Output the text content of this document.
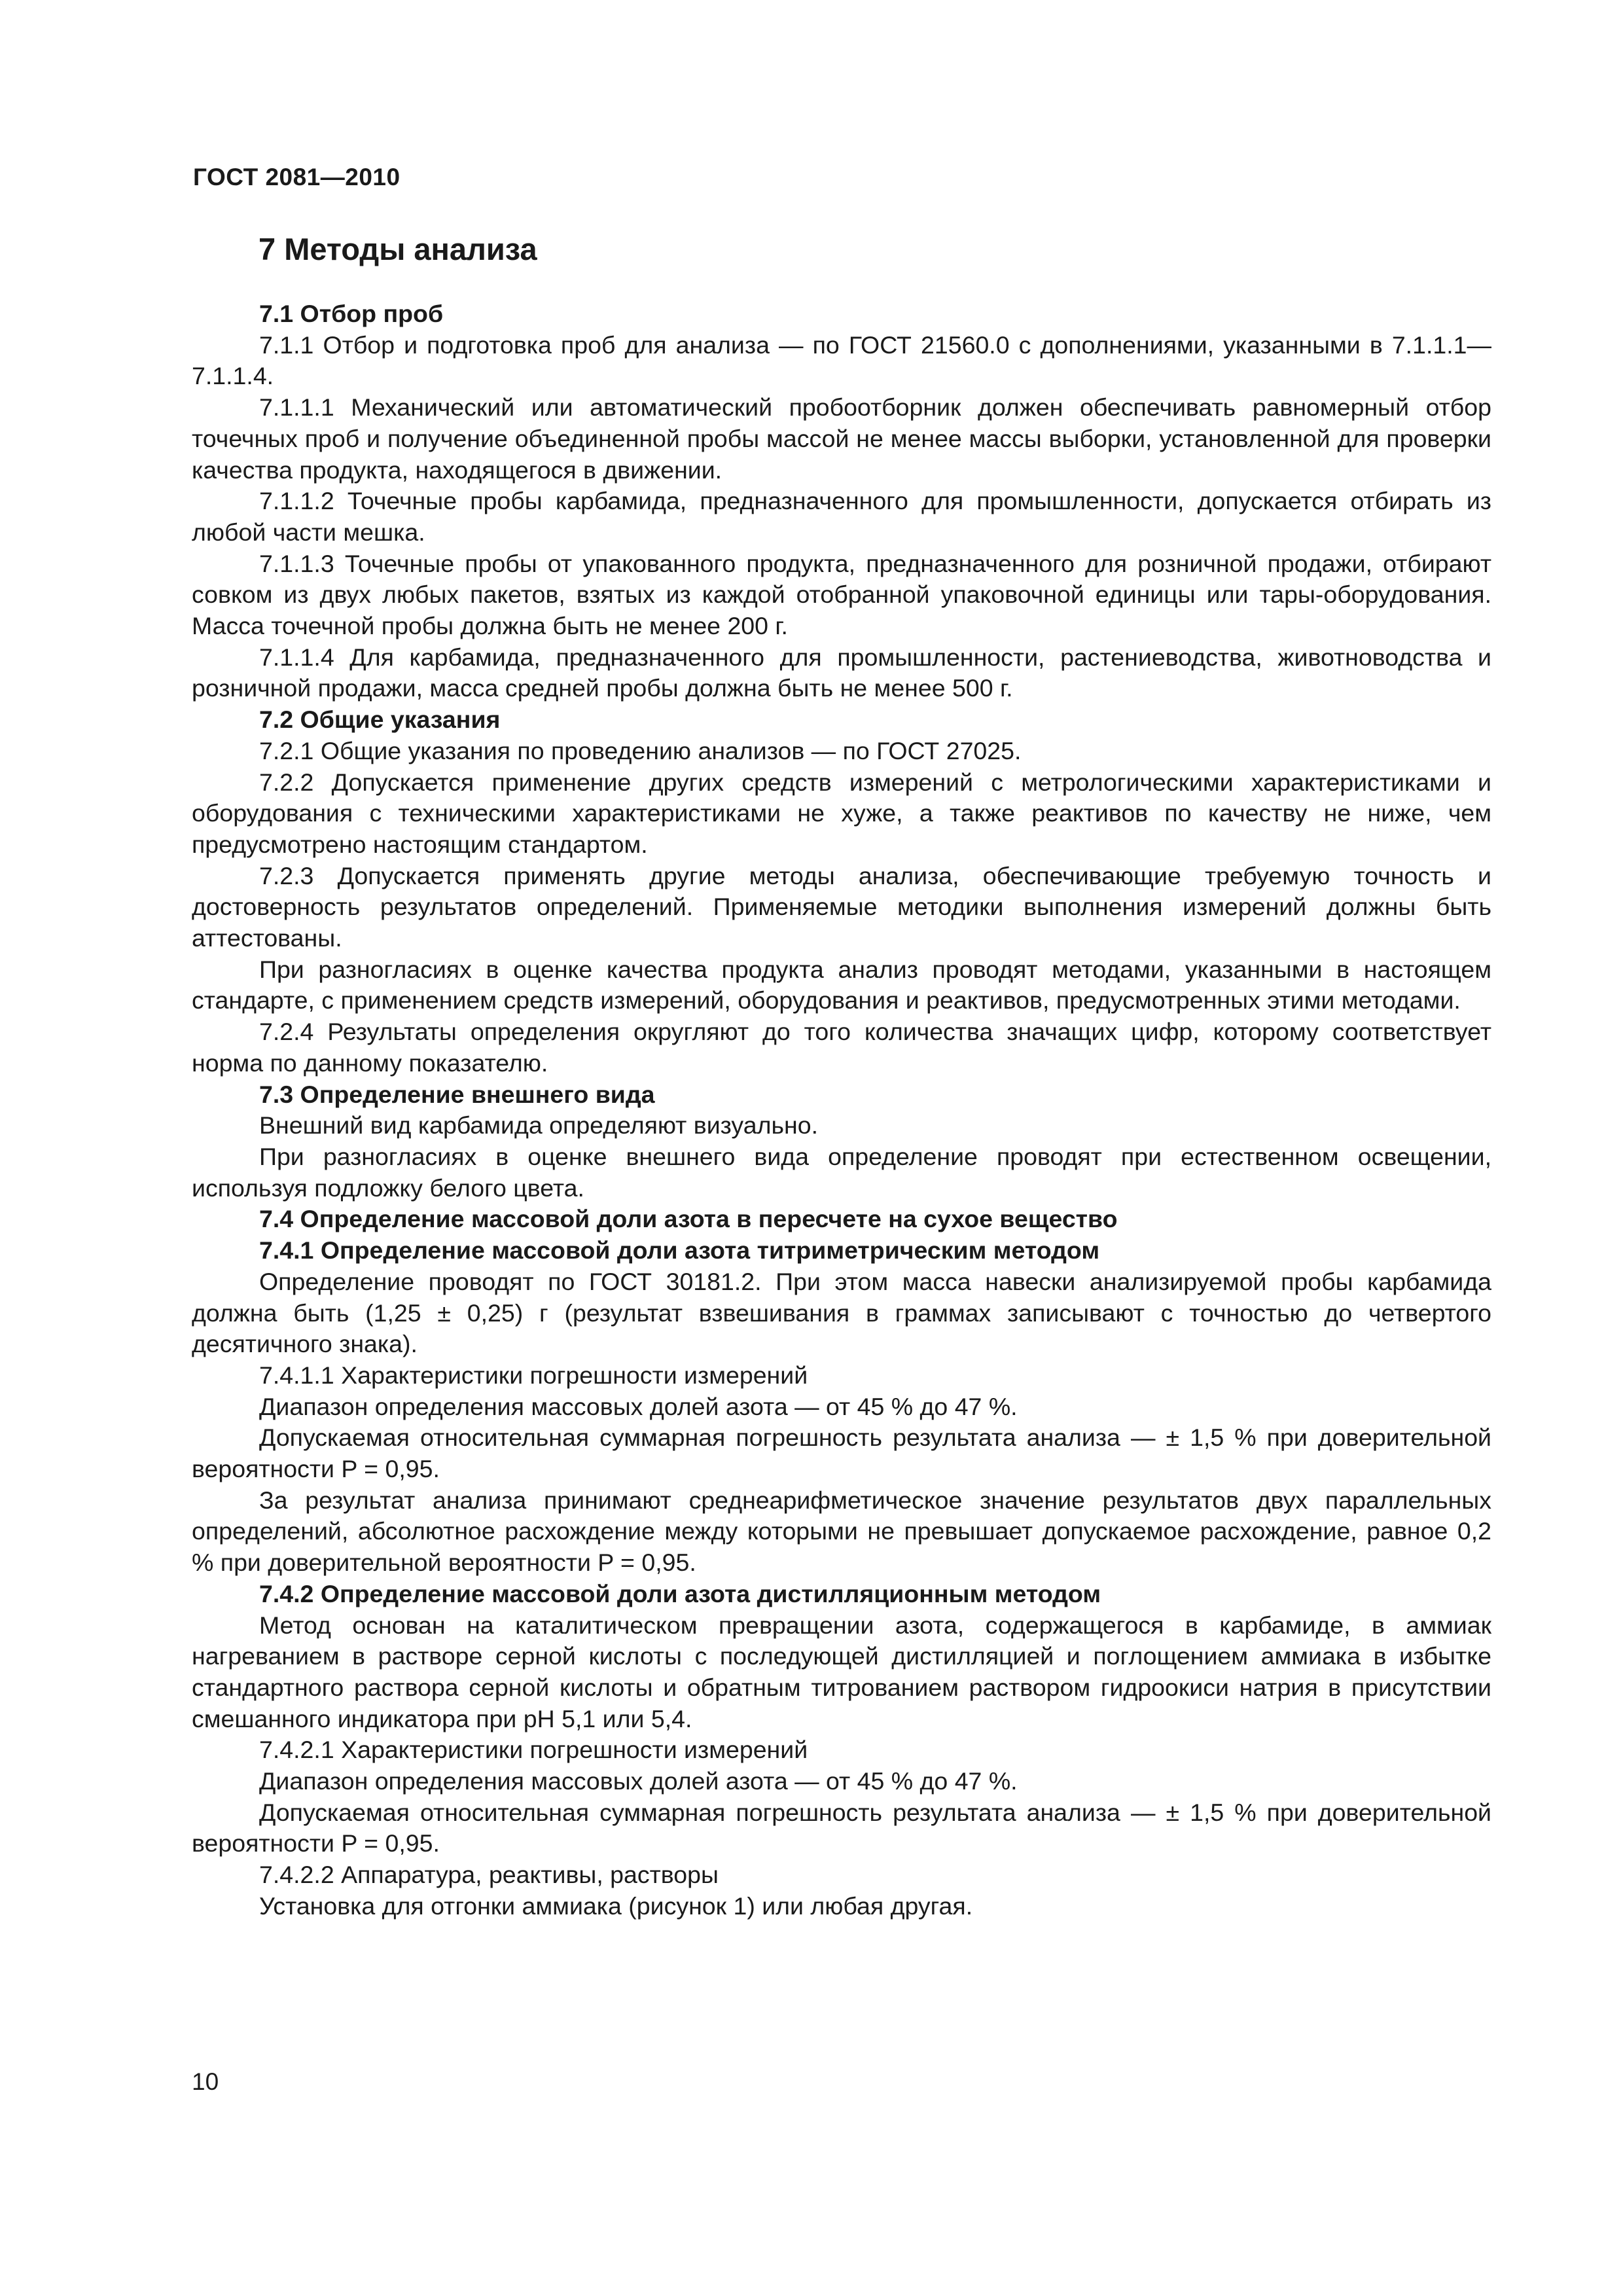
ГОСТ 2081—2010
7 Методы анализа

7.1 Отбор проб

7.1.1 Отбор и подготовка проб для анализа — по ГОСТ 21560.0 с дополнениями, указанными в 7.1.1.1—7.1.1.4.

7.1.1.1 Механический или автоматический пробоотборник должен обеспечивать равномерный отбор точечных проб и получение объединенной пробы массой не менее массы выборки, установленной для проверки качества продукта, находящегося в движении.

7.1.1.2 Точечные пробы карбамида, предназначенного для промышленности, допускается отбирать из любой части мешка.

7.1.1.3 Точечные пробы от упакованного продукта, предназначенного для розничной продажи, отбирают совком из двух любых пакетов, взятых из каждой отобранной упаковочной единицы или тары-оборудования. Масса точечной пробы должна быть не менее 200 г.

7.1.1.4 Для карбамида, предназначенного для промышленности, растениеводства, животноводства и розничной продажи, масса средней пробы должна быть не менее 500 г.

7.2 Общие указания

7.2.1 Общие указания по проведению анализов — по ГОСТ 27025.

7.2.2 Допускается применение других средств измерений с метрологическими характеристиками и оборудования с техническими характеристиками не хуже, а также реактивов по качеству не ниже, чем предусмотрено настоящим стандартом.

7.2.3 Допускается применять другие методы анализа, обеспечивающие требуемую точность и достоверность результатов определений. Применяемые методики выполнения измерений должны быть аттестованы.

При разногласиях в оценке качества продукта анализ проводят методами, указанными в настоящем стандарте, с применением средств измерений, оборудования и реактивов, предусмотренных этими методами.

7.2.4 Результаты определения округляют до того количества значащих цифр, которому соответствует норма по данному показателю.

7.3 Определение внешнего вида

Внешний вид карбамида определяют визуально.

При разногласиях в оценке внешнего вида определение проводят при естественном освещении, используя подложку белого цвета.

7.4 Определение массовой доли азота в пересчете на сухое вещество

7.4.1 Определение массовой доли азота титриметрическим методом

Определение проводят по ГОСТ 30181.2. При этом масса навески анализируемой пробы карбамида должна быть (1,25 ± 0,25) г (результат взвешивания в граммах записывают с точностью до четвертого десятичного знака).

7.4.1.1 Характеристики погрешности измерений

Диапазон определения массовых долей азота — от 45 % до 47 %.

Допускаемая относительная суммарная погрешность результата анализа — ± 1,5 % при доверительной вероятности P = 0,95.

За результат анализа принимают среднеарифметическое значение результатов двух параллельных определений, абсолютное расхождение между которыми не превышает допускаемое расхождение, равное 0,2 % при доверительной вероятности P = 0,95.

7.4.2 Определение массовой доли азота дистилляционным методом

Метод основан на каталитическом превращении азота, содержащегося в карбамиде, в аммиак нагреванием в растворе серной кислоты с последующей дистилляцией и поглощением аммиака в избытке стандартного раствора серной кислоты и обратным титрованием раствором гидроокиси натрия в присутствии смешанного индикатора при рН 5,1 или 5,4.

7.4.2.1 Характеристики погрешности измерений

Диапазон определения массовых долей азота — от 45 % до 47 %.

Допускаемая относительная суммарная погрешность результата анализа — ± 1,5 % при доверительной вероятности P = 0,95.

7.4.2.2 Аппаратура, реактивы, растворы

Установка для отгонки аммиака (рисунок 1) или любая другая.

10
